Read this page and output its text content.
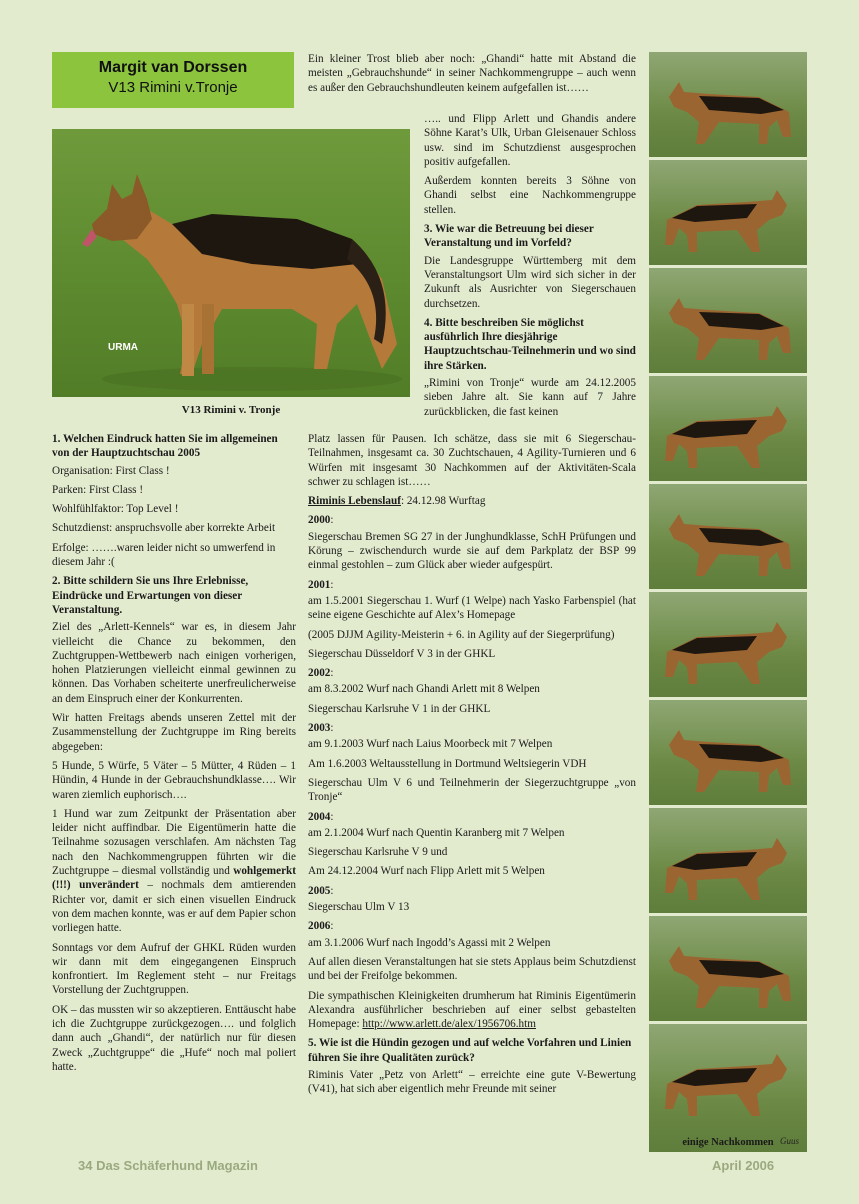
Margit van Dorssen
V13 Rimini v.Tronje
URMA
V13 Rimini v. Tronje

Ein kleiner Trost blieb aber noch: „Ghandi“ hatte mit Abstand die meisten „Gebrauchshunde“ in seiner Nachkommengruppe – auch wenn es außer den Gebrauchshundleuten keinem aufgefallen ist……

….. und Flipp Arlett und Ghandis andere Söhne Karat’s Ulk, Urban Gleisenauer Schloss usw. sind im Schutzdienst ausgesprochen positiv aufgefallen.

Außerdem konnten bereits 3 Söhne von Ghandi selbst eine Nachkommengruppe stellen.

3. Wie war die Betreuung bei dieser Veranstaltung und im Vorfeld?

Die Landesgruppe Württemberg mit dem Veranstaltungsort Ulm wird sich sicher in der Zukunft als Ausrichter von Siegerschauen durchsetzen.

4. Bitte beschreiben Sie möglichst ausführlich Ihre diesjährige Hauptzuchtschau-Teilnehmerin und wo sind ihre Stärken.

„Rimini von Tronje“ wurde am 24.12.2005 sieben Jahre alt. Sie kann auf 7 Jahre zurückblicken, die fast keinen

Platz lassen für Pausen. Ich schätze, dass sie mit 6 Siegerschau-Teilnahmen, insgesamt ca. 30 Zuchtschauen, 4 Agility-Turnieren und 6 Würfen mit insgesamt 30 Nachkommen auf der Aktivitäten-Scala schwer zu schlagen ist……

Riminis Lebenslauf: 24.12.98 Wurftag

2000:

Siegerschau Bremen SG 27 in der Junghundklasse, SchH Prüfungen und Körung – zwischendurch wurde sie auf dem Parkplatz der BSP 99 einmal gestohlen – zum Glück aber wieder aufgespürt.

2001:

am 1.5.2001 Siegerschau 1. Wurf (1 Welpe) nach Yasko Farbenspiel (hat seine eigene Geschichte auf Alex’s Homepage

(2005 DJJM Agility-Meisterin + 6. in Agility auf der Siegerprüfung)

Siegerschau Düsseldorf V 3 in der GHKL

2002:

am 8.3.2002 Wurf nach Ghandi Arlett mit 8 Welpen

Siegerschau Karlsruhe V 1 in der GHKL

2003:

am 9.1.2003 Wurf nach Laius Moorbeck mit 7 Welpen

Am 1.6.2003 Weltausstellung in Dortmund Weltsiegerin VDH

Siegerschau Ulm V 6 und Teilnehmerin der Siegerzuchtgruppe „von Tronje“

2004:

am 2.1.2004 Wurf nach Quentin Karanberg mit 7 Welpen

Siegerschau Karlsruhe V 9 und

Am 24.12.2004 Wurf nach Flipp Arlett mit 5 Welpen

2005:

Siegerschau Ulm V 13

2006:

am 3.1.2006 Wurf nach Ingodd’s Agassi mit 2 Welpen

Auf allen diesen Veranstaltungen hat sie stets Applaus beim Schutzdienst und bei der Freifolge bekommen.

Die sympathischen Kleinigkeiten drumherum hat Riminis Eigentümerin Alexandra ausführlicher beschrieben auf einer selbst gebastelten Homepage: http://www.arlett.de/alex/1956706.htm

5. Wie ist die Hündin gezogen und auf welche Vorfahren und Linien führen Sie ihre Qualitäten zurück?

Riminis Vater „Petz von Arlett“ – erreichte eine gute V-Bewertung (V41), hat sich aber eigentlich mehr Freunde mit seiner

1. Welchen Eindruck hatten Sie im allgemeinen von der Hauptzuchtschau 2005

Organisation: First Class !

Parken: First Class !

Wohlfühlfaktor: Top Level !

Schutzdienst: anspruchsvolle aber korrekte Arbeit

Erfolge: …….waren leider nicht so umwerfend in diesem Jahr :(

2. Bitte schildern Sie uns Ihre Erlebnisse, Eindrücke und Erwartungen von dieser Veranstaltung.

Ziel des „Arlett-Kennels“ war es, in diesem Jahr vielleicht die Chance zu bekommen, den Zuchtgruppen-Wettbewerb nach einigen vorherigen, hohen Platzierungen vielleicht einmal gewinnen zu können. Das Vorhaben scheiterte unerfreulicherweise an dem Einspruch einer der Konkurrenten.

Wir hatten Freitags abends unseren Zettel mit der Zusammenstellung der Zuchtgruppe im Ring bereits abgegeben:

5 Hunde, 5 Würfe, 5 Väter – 5 Mütter, 4 Rüden – 1 Hündin, 4 Hunde in der Gebrauchshundklasse…. Wir waren ziemlich euphorisch….

1 Hund war zum Zeitpunkt der Präsentation aber leider nicht auffindbar. Die Eigentümerin hatte die Teilnahme sozusagen verschlafen. Am nächsten Tag nach den Nachkommengruppen führten wir die Zuchtgruppe – diesmal vollständig und wohlgemerkt (!!!) unverändert – nochmals dem amtierenden Richter vor, damit er sich einen visuellen Eindruck von dem machen konnte, was er auf dem Papier schon vorliegen hatte.

Sonntags vor dem Aufruf der GHKL Rüden wurden wir dann mit dem eingegangenen Einspruch konfrontiert. Im Reglement steht – nur Freitags Vorstellung der Zuchtgruppen.

OK – das mussten wir so akzeptieren. Enttäuscht habe ich die Zuchtgruppe zurückgezogen…. und folglich dann auch „Ghandi“, der natürlich nur für diesen Zweck „Zuchtgruppe“ die „Hufe“ noch mal poliert hatte.

Guus
einige Nachkommen
34 Das Schäferhund Magazin	April 2006
